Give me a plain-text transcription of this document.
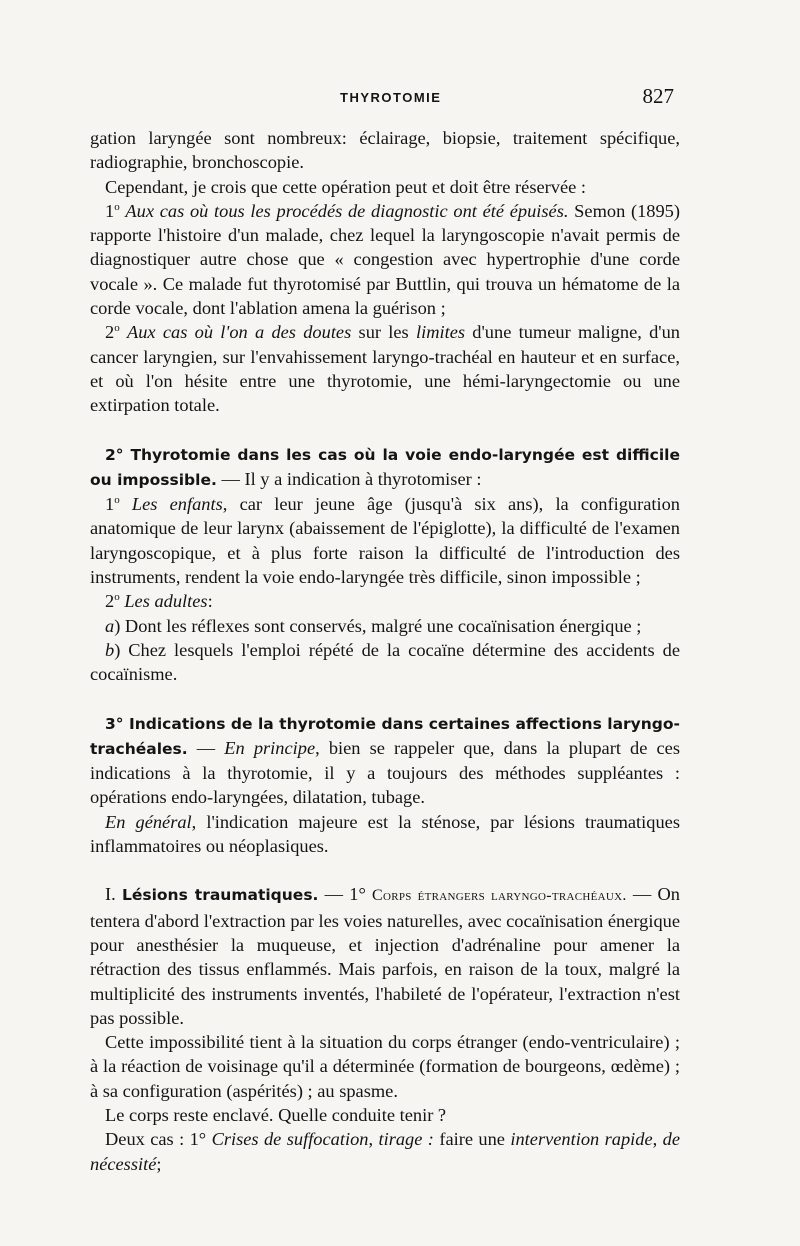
THYROTOMIE	827

gation laryngée sont nombreux: éclairage, biopsie, traitement spécifique, radiographie, bronchoscopie.

Cependant, je crois que cette opération peut et doit être réservée :

1$^o$ Aux cas où tous les procédés de diagnostic ont été épuisés. Semon (1895) rapporte l'histoire d'un malade, chez lequel la laryngoscopie n'avait permis de diagnostiquer autre chose que « congestion avec hypertrophie d'une corde vocale ». Ce malade fut thyrotomisé par Buttlin, qui trouva un hématome de la corde vocale, dont l'ablation amena la guérison ;

2$^o$ Aux cas où l'on a des doutes sur les limites d'une tumeur maligne, d'un cancer laryngien, sur l'envahissement laryngo-trachéal en hauteur et en surface, et où l'on hésite entre une thyrotomie, une hémi-laryngectomie ou une extirpation totale.

2° Thyrotomie dans les cas où la voie endo-laryngée est difficile ou impossible. — Il y a indication à thyrotomiser :

1$^o$ Les enfants, car leur jeune âge (jusqu'à six ans), la configuration anatomique de leur larynx (abaissement de l'épiglotte), la difficulté de l'examen laryngoscopique, et à plus forte raison la difficulté de l'introduction des instruments, rendent la voie endo-laryngée très difficile, sinon impossible ;

2$^o$ Les adultes:

a) Dont les réflexes sont conservés, malgré une cocaïnisation énergique ;

b) Chez lesquels l'emploi répété de la cocaïne détermine des accidents de cocaïnisme.

3° Indications de la thyrotomie dans certaines affections laryngo-trachéales. — En principe, bien se rappeler que, dans la plupart de ces indications à la thyrotomie, il y a toujours des méthodes suppléantes : opérations endo-laryngées, dilatation, tubage.

En général, l'indication majeure est la sténose, par lésions traumatiques inflammatoires ou néoplasiques.

I. Lésions traumatiques. — 1° Corps étrangers laryngo-trachéaux. — On tentera d'abord l'extraction par les voies naturelles, avec cocaïnisation énergique pour anesthésier la muqueuse, et injection d'adrénaline pour amener la rétraction des tissus enflammés. Mais parfois, en raison de la toux, malgré la multiplicité des instruments inventés, l'habileté de l'opérateur, l'extraction n'est pas possible.

Cette impossibilité tient à la situation du corps étranger (endo-ventriculaire) ; à la réaction de voisinage qu'il a déterminée (formation de bourgeons, œdème) ; à sa configuration (aspérités) ; au spasme.

Le corps reste enclavé. Quelle conduite tenir ?

Deux cas : 1° Crises de suffocation, tirage : faire une intervention rapide, de nécessité;
